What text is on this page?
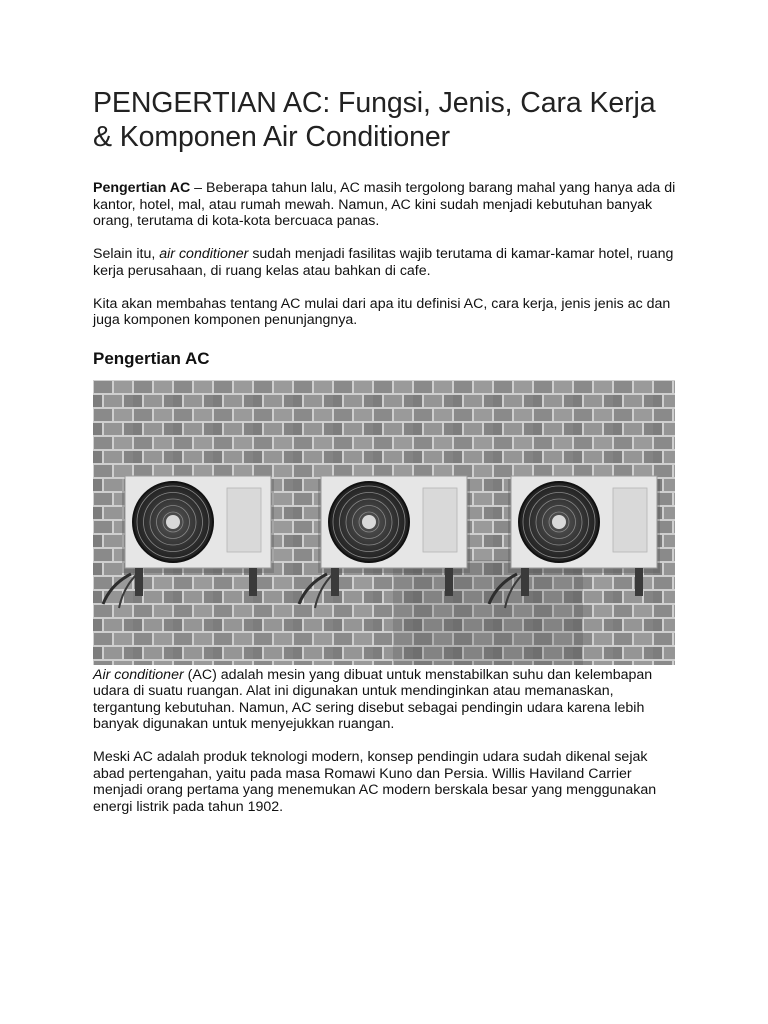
PENGERTIAN AC: Fungsi, Jenis, Cara Kerja & Komponen Air Conditioner

Pengertian AC – Beberapa tahun lalu, AC masih tergolong barang mahal yang hanya ada di kantor, hotel, mal, atau rumah mewah. Namun, AC kini sudah menjadi kebutuhan banyak orang, terutama di kota-kota bercuaca panas.

Selain itu, air conditioner sudah menjadi fasilitas wajib terutama di kamar-kamar hotel, ruang kerja perusahaan, di ruang kelas atau bahkan di cafe.

Kita akan membahas tentang AC mulai dari apa itu definisi AC, cara kerja, jenis jenis ac dan juga komponen komponen penunjangnya.

Pengertian AC

Air conditioner (AC) adalah mesin yang dibuat untuk menstabilkan suhu dan kelembapan udara di suatu ruangan. Alat ini digunakan untuk mendinginkan atau memanaskan, tergantung kebutuhan. Namun, AC sering disebut sebagai pendingin udara karena lebih banyak digunakan untuk menyejukkan ruangan.

Meski AC adalah produk teknologi modern, konsep pendingin udara sudah dikenal sejak abad pertengahan, yaitu pada masa Romawi Kuno dan Persia. Willis Haviland Carrier menjadi orang pertama yang menemukan AC modern berskala besar yang menggunakan energi listrik pada tahun 1902.
